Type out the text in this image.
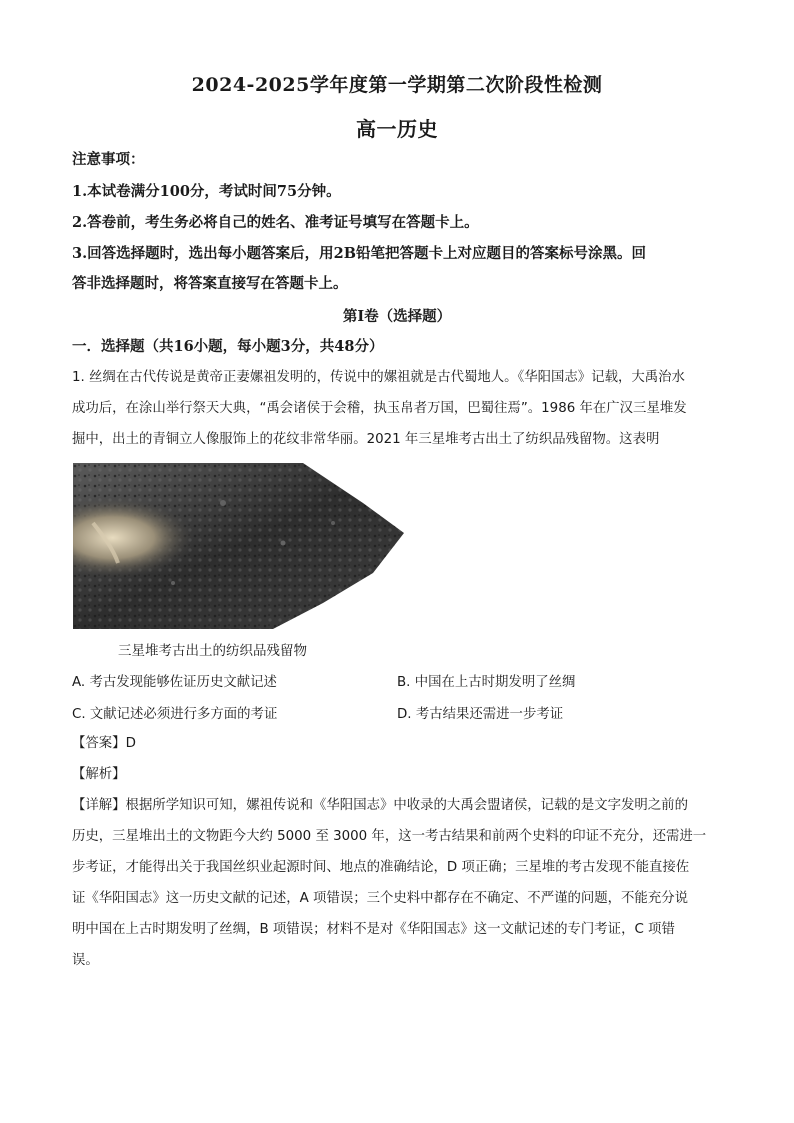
2024-2025学年度第一学期第二次阶段性检测
高一历史
注意事项：
1.本试卷满分100分，考试时间75分钟。
2.答卷前，考生务必将自己的姓名、准考证号填写在答题卡上。
3.回答选择题时，选出每小题答案后，用2B铅笔把答题卡上对应题目的答案标号涂黑。回
答非选择题时，将答案直接写在答题卡上。
第Ⅰ卷（选择题）
一．选择题（共16小题，每小题3分，共48分）
1. 丝绸在古代传说是黄帝正妻嫘祖发明的，传说中的嫘祖就是古代蜀地人。《华阳国志》记载，大禹治水
成功后，在涂山举行祭天大典，“禹会诸侯于会稽，执玉帛者万国，巴蜀往焉”。1986 年在广汉三星堆发
掘中，出土的青铜立人像服饰上的花纹非常华丽。2021 年三星堆考古出土了纺织品残留物。这表明
三星堆考古出土的纺织品残留物
A. 考古发现能够佐证历史文献记述	B. 中国在上古时期发明了丝绸
C. 文献记述必须进行多方面的考证	D. 考古结果还需进一步考证
【答案】D
【解析】
【详解】根据所学知识可知，嫘祖传说和《华阳国志》中收录的大禹会盟诸侯，记载的是文字发明之前的
历史，三星堆出土的文物距今大约 5000 至 3000 年，这一考古结果和前两个史料的印证不充分，还需进一
步考证，才能得出关于我国丝织业起源时间、地点的准确结论，D 项正确；三星堆的考古发现不能直接佐
证《华阳国志》这一历史文献的记述，A 项错误；三个史料中都存在不确定、不严谨的问题，不能充分说
明中国在上古时期发明了丝绸，B 项错误；材料不是对《华阳国志》这一文献记述的专门考证，C 项错
误。
